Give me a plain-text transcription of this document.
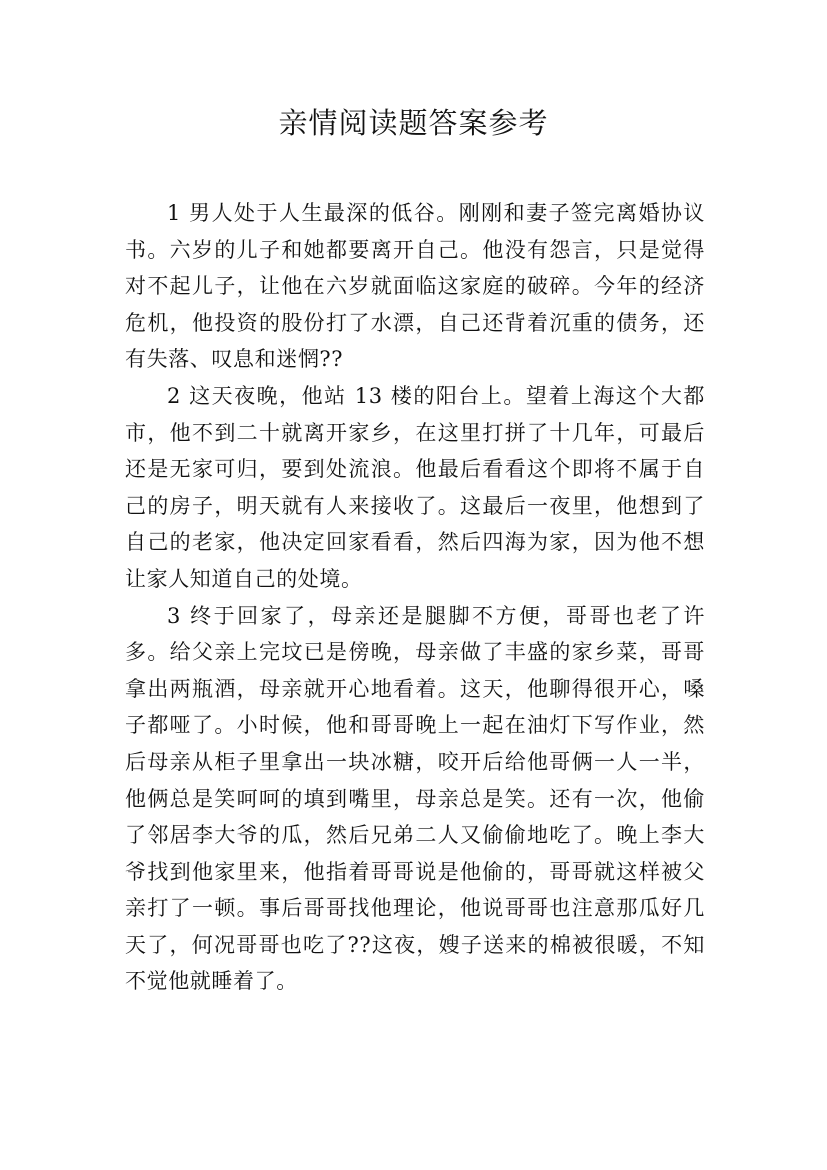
亲情阅读题答案参考

1 男人处于人生最深的低谷。刚刚和妻子签完离婚协议书。六岁的儿子和她都要离开自己。他没有怨言，只是觉得对不起儿子，让他在六岁就面临这家庭的破碎。今年的经济危机，他投资的股份打了水漂，自己还背着沉重的债务，还有失落、叹息和迷惘??

2 这天夜晚，他站 13 楼的阳台上。望着上海这个大都市，他不到二十就离开家乡，在这里打拼了十几年，可最后还是无家可归，要到处流浪。他最后看看这个即将不属于自己的房子，明天就有人来接收了。这最后一夜里，他想到了自己的老家，他决定回家看看，然后四海为家，因为他不想让家人知道自己的处境。

3 终于回家了，母亲还是腿脚不方便，哥哥也老了许多。给父亲上完坟已是傍晚，母亲做了丰盛的家乡菜，哥哥拿出两瓶酒，母亲就开心地看着。这天，他聊得很开心，嗓子都哑了。小时候，他和哥哥晚上一起在油灯下写作业，然后母亲从柜子里拿出一块冰糖，咬开后给他哥俩一人一半，他俩总是笑呵呵的填到嘴里，母亲总是笑。还有一次，他偷了邻居李大爷的瓜，然后兄弟二人又偷偷地吃了。晚上李大爷找到他家里来，他指着哥哥说是他偷的，哥哥就这样被父亲打了一顿。事后哥哥找他理论，他说哥哥也注意那瓜好几天了，何况哥哥也吃了??这夜，嫂子送来的棉被很暖，不知不觉他就睡着了。
